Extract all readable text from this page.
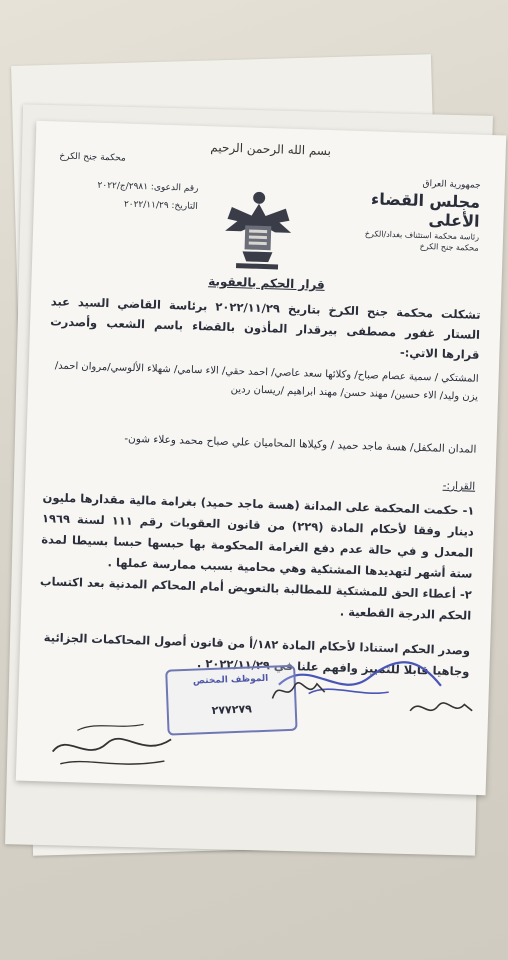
بسم الله الرحمن الرحيم
جمهورية العراق
مجلس القضاء الأعلى
رئاسة محكمة استئناف بغداد/الكرخ
محكمة جنح الكرخ
محكمة جنح الكرخ
رقم الدعوى: ٢٩٨١/ج/٢٠٢٢
التاريخ: ٢٠٢٢/١١/٢٩
قرار الحكم بالعقوبة
تشكلت محكمة جنح الكرخ بتاريخ ٢٠٢٢/١١/٢٩ برئاسة القاضي السيد عبد الستار غفور مصطفى بيرقدار المأذون بالقضاء باسم الشعب وأصدرت قرارها الاتي:-
المشتكي / سمية عصام صباح/ وكلائها سعد عاصي/ احمد حقي/ الاء سامي/ شهلاء الألوسي/مروان احمد/ يزن وليد/ الاء حسين/ مهند حسن/ مهند ابراهيم /ريسان ردين
المدان المكفل/ هسة ماجد حميد / وكيلاها المحاميان علي صباح محمد وعلاء شون-
القرار:-
١- حكمت المحكمة على المدانة (هسة ماجد حميد) بغرامة مالية مقدارها مليون دينار وفقا لأحكام المادة (٢٢٩) من قانون العقوبات رقم ١١١ لسنة ١٩٦٩ المعدل و في حالة عدم دفع الغرامة المحكومة بها حبسها حبسا بسيطا لمدة ستة أشهر لتهديدها المشتكية وهي محامية بسبب ممارسة عملها .
٢- أعطاء الحق للمشتكية للمطالبة بالتعويض أمام المحاكم المدنية بعد اكتساب الحكم الدرجة القطعية .
وصدر الحكم استنادا لأحكام المادة ١٨٢/أ من قانون أصول المحاكمات الجزائية وجاهيا قابلا للتمييز وافهم علنا في ٢٠٢٢/١١/٢٩ .
الموظف المختص
٢٧٧٢٧٩
